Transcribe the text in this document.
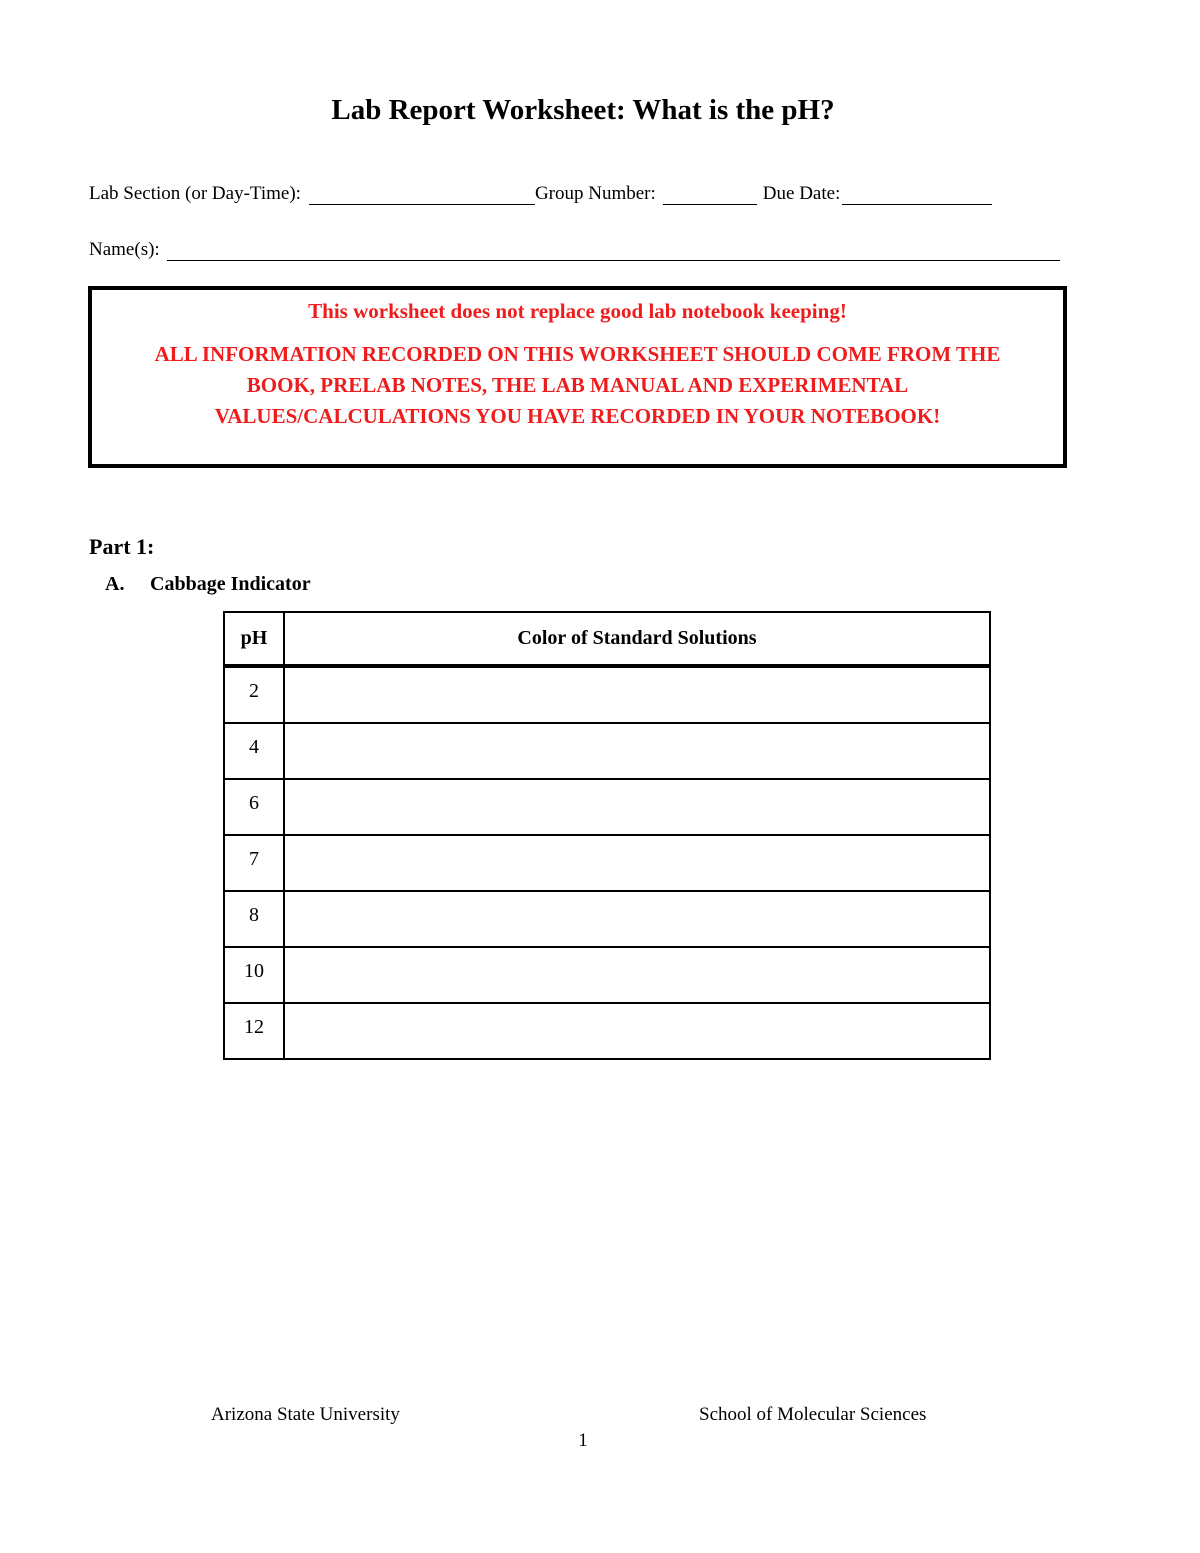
Lab Report Worksheet: What is the pH?
Lab Section (or Day-Time):	Group Number:	Due Date:
Name(s):
This worksheet does not replace good lab notebook keeping!
ALL INFORMATION RECORDED ON THIS WORKSHEET SHOULD COME FROM THE BOOK, PRELAB NOTES, THE LAB MANUAL AND EXPERIMENTAL VALUES/CALCULATIONS YOU HAVE RECORDED IN YOUR NOTEBOOK!
Part 1:
A. Cabbage Indicator
pH	Color of Standard Solutions
2	
4	
6	
7	
8	
10	
12	
Arizona State University	School of Molecular Sciences
1
